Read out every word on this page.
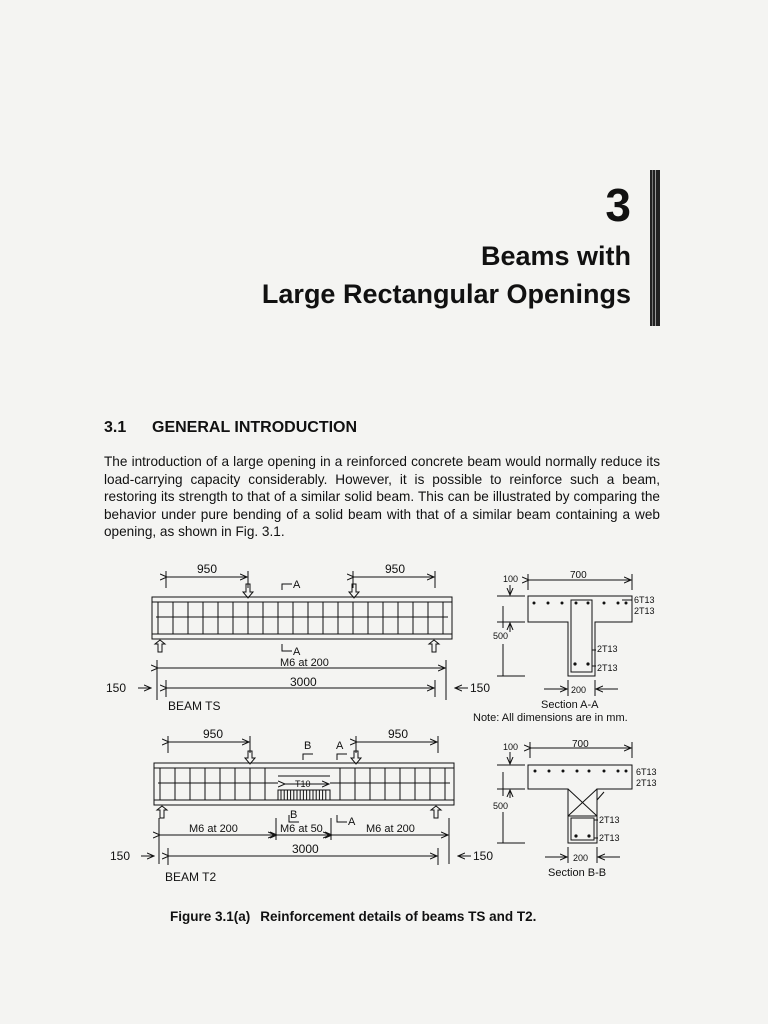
3
Beams with
Large Rectangular Openings
3.1 GENERAL INTRODUCTION
The introduction of a large opening in a reinforced concrete beam would normally reduce its load-carrying capacity considerably. However, it is possible to reinforce such a beam, restoring its strength to that of a similar solid beam. This can be illustrated by comparing the behavior under pure bending of a solid beam with that of a similar beam containing a web opening, as shown in Fig. 3.1.
950	950
A
A
M6 at 200
3000
150	150
BEAM TS
100	700
500
200
6T13
2T13
2T13
2T13
Section A-A
Note: All dimensions are in mm.
950	950
B A
T10
B
A
M6 at 200	M6 at 50	M6 at 200
3000
150	150
BEAM T2
100	700
500
200
6T13
2T13
2T13
2T13
Section B-B
Figure 3.1(a) Reinforcement details of beams TS and T2.
